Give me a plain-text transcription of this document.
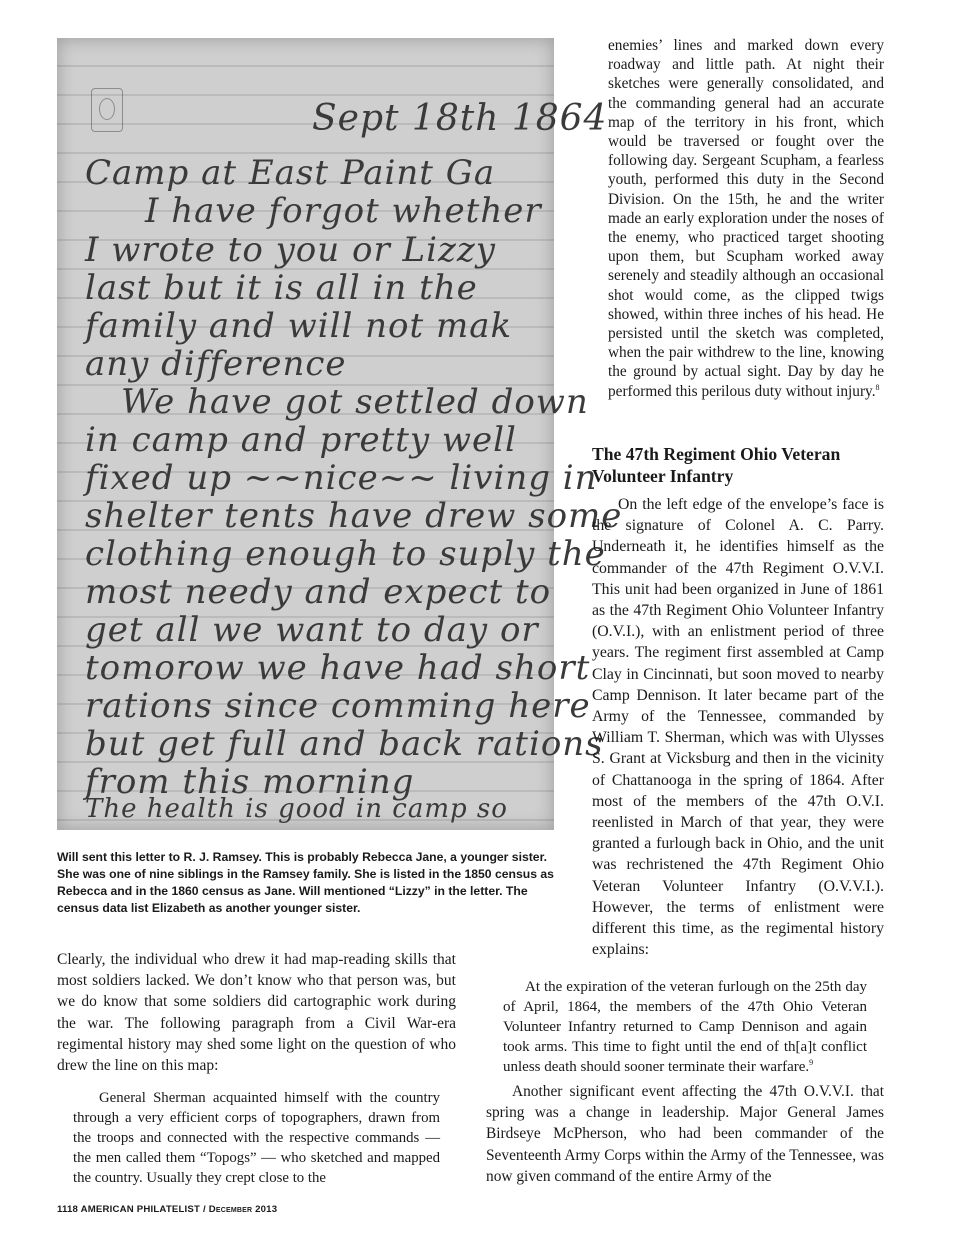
Sept 18th 1864
Camp at East Paint Ga
I have forgot whether
I wrote to you or Lizzy
last but it is all in the
family and will not mak
any difference
We have got settled down
in camp and pretty well
fixed up ~~nice~~ living in
shelter tents have drew some
clothing enough to suply the
most needy and expect to
get all we want to day or
tomorow we have had short
rations since comming here
but get full and back rations
from this morning
The health is good in camp so
Will sent this letter to R. J. Ramsey. This is probably Rebecca Jane, a younger sister. She was one of nine siblings in the Ramsey family. She is listed in the 1850 census as Rebecca and in the 1860 census as Jane. Will mentioned “Lizzy” in the letter. The census data list Elizabeth as another younger sister.
enemies’ lines and marked down every roadway and little path. At night their sketches were generally consolidated, and the commanding general had an accurate map of the territory in his front, which would be traversed or fought over the following day. Sergeant Scupham, a fearless youth, performed this duty in the Second Division. On the 15th, he and the writer made an early exploration under the noses of the enemy, who practiced target shooting upon them, but Scupham worked away serenely and steadily although an occasional shot would come, as the clipped twigs showed, within three inches of his head. He persisted until the sketch was completed, when the pair withdrew to the line, knowing the ground by actual sight. Day by day he performed this perilous duty without injury.$^8$
The 47th Regiment Ohio Veteran Volunteer Infantry
On the left edge of the envelope’s face is the signature of Colonel A. C. Parry. Underneath it, he identifies himself as the commander of the 47th Regiment O.V.V.I. This unit had been organized in June of 1861 as the 47th Regiment Ohio Volunteer Infantry (O.V.I.), with an enlistment period of three years. The regiment first assembled at Camp Clay in Cincinnati, but soon moved to nearby Camp Dennison. It later became part of the Army of the Tennessee, commanded by William T. Sherman, which was with Ulysses S. Grant at Vicksburg and then in the vicinity of Chattanooga in the spring of 1864. After most of the members of the 47th O.V.I. reenlisted in March of that year, they were granted a furlough back in Ohio, and the unit was rechristened the 47th Regiment Ohio Veteran Volunteer Infantry (O.V.V.I.). However, the terms of enlistment were different this time, as the regimental history explains:
At the expiration of the veteran furlough on the 25th day of April, 1864, the members of the 47th Ohio Veteran Volunteer Infantry returned to Camp Dennison and again took arms. This time to fight until the end of th[a]t conflict unless death should sooner terminate their warfare.$^9$
Clearly, the individual who drew it had map-reading skills that most soldiers lacked. We don’t know who that person was, but we do know that some soldiers did cartographic work during the war. The following paragraph from a Civil War-era regimental history may shed some light on the question of who drew the line on this map:
General Sherman acquainted himself with the country through a very efficient corps of topographers, drawn from the troops and connected with the respective commands — the men called them “Topogs” — who sketched and mapped the country. Usually they crept close to the
Another significant event affecting the 47th O.V.V.I. that spring was a change in leadership. Major General James Birdseye McPherson, who had been commander of the Seventeenth Army Corps within the Army of the Tennessee, was now given command of the entire Army of the
1118 AMERICAN PHILATELIST / December 2013
